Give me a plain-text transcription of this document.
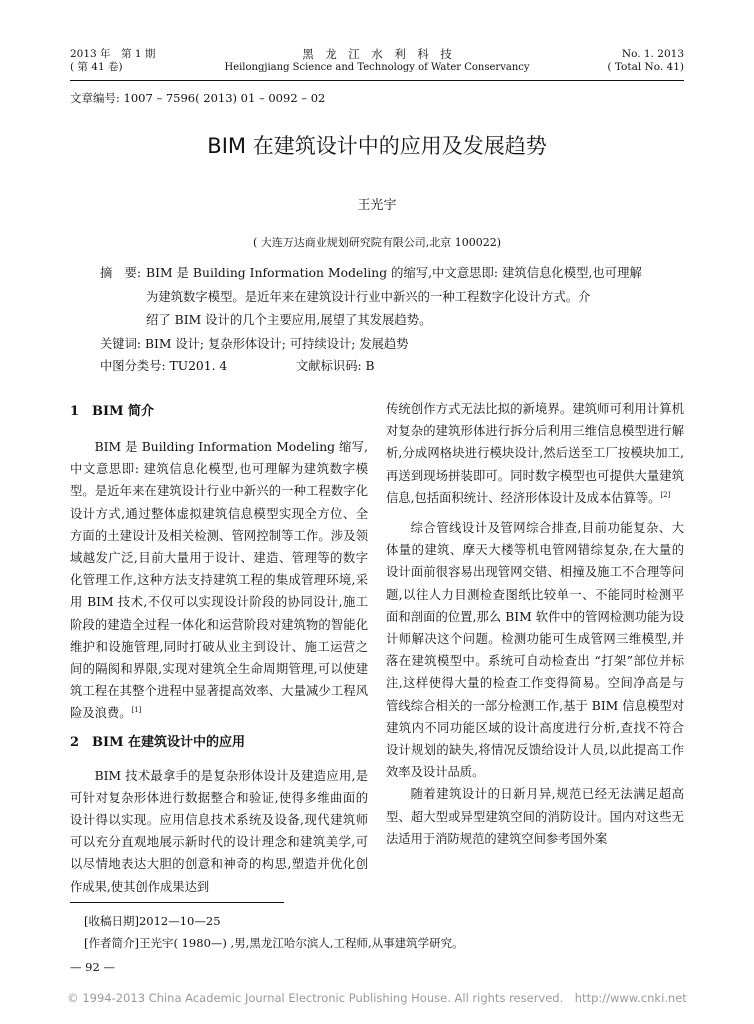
2013 年　第 1 期
( 第 41 卷)
黑　龙　江　水　利　科　技
Heilongjiang Science and Technology of Water Conservancy
No. 1. 2013
( Total No. 41)
文章编号: 1007 – 7596( 2013) 01 – 0092 – 02
BIM 在建筑设计中的应用及发展趋势
王光宇
( 大连万达商业规划研究院有限公司,北京 100022)
摘　要: BIM 是 Building Information Modeling 的缩写,中文意思即: 建筑信息化模型,也可理解
为建筑数字模型。是近年来在建筑设计行业中新兴的一种工程数字化设计方式。介
绍了 BIM 设计的几个主要应用,展望了其发展趋势。
关键词: BIM 设计; 复杂形体设计; 可持续设计; 发展趋势
中图分类号: TU201. 4	文献标识码: B
1　BIM 简介

BIM 是 Building Information Modeling 缩写,中文意思即: 建筑信息化模型,也可理解为建筑数字模型。是近年来在建筑设计行业中新兴的一种工程数字化设计方式,通过整体虚拟建筑信息模型实现全方位、全方面的土建设计及相关检测、管网控制等工作。涉及领域越发广泛,目前大量用于设计、建造、管理等的数字化管理工作,这种方法支持建筑工程的集成管理环境,采用 BIM 技术,不仅可以实现设计阶段的协同设计,施工阶段的建造全过程一体化和运营阶段对建筑物的智能化维护和设施管理,同时打破从业主到设计、施工运营之间的隔阂和界限,实现对建筑全生命周期管理,可以使建筑工程在其整个进程中显著提高效率、大量减少工程风险及浪费。[1]

2　BIM 在建筑设计中的应用

BIM 技术最拿手的是复杂形体设计及建造应用,是可针对复杂形体进行数据整合和验证,使得多维曲面的设计得以实现。应用信息技术系统及设备,现代建筑师可以充分直观地展示新时代的设计理念和建筑美学,可以尽情地表达大胆的创意和神奇的构思,塑造并优化创作成果,使其创作成果达到

传统创作方式无法比拟的新境界。建筑师可利用计算机对复杂的建筑形体进行拆分后利用三维信息模型进行解析,分成网格块进行模块设计,然后送至工厂按模块加工,再送到现场拼装即可。同时数字模型也可提供大量建筑信息,包括面积统计、经济形体设计及成本估算等。[2]

综合管线设计及管网综合排查,目前功能复杂、大体量的建筑、摩天大楼等机电管网错综复杂,在大量的设计面前很容易出现管网交错、相撞及施工不合理等问题,以往人力目测检查图纸比较单一、不能同时检测平面和剖面的位置,那么 BIM 软件中的管网检测功能为设计师解决这个问题。检测功能可生成管网三维模型,并落在建筑模型中。系统可自动检查出 “打架”部位并标注,这样使得大量的检查工作变得简易。空间净高是与管线综合相关的一部分检测工作,基于 BIM 信息模型对建筑内不同功能区域的设计高度进行分析,查找不符合设计规划的缺失,将情况反馈给设计人员,以此提高工作效率及设计品质。

随着建筑设计的日新月异,规范已经无法满足超高型、超大型或异型建筑空间的消防设计。国内对这些无法适用于消防规范的建筑空间参考国外案

[收稿日期]2012—10—25
[作者简介]王光宇( 1980—) ,男,黑龙江哈尔滨人,工程师,从事建筑学研究。
— 92 —
© 1994-2013 China Academic Journal Electronic Publishing House. All rights reserved.　http://www.cnki.net
